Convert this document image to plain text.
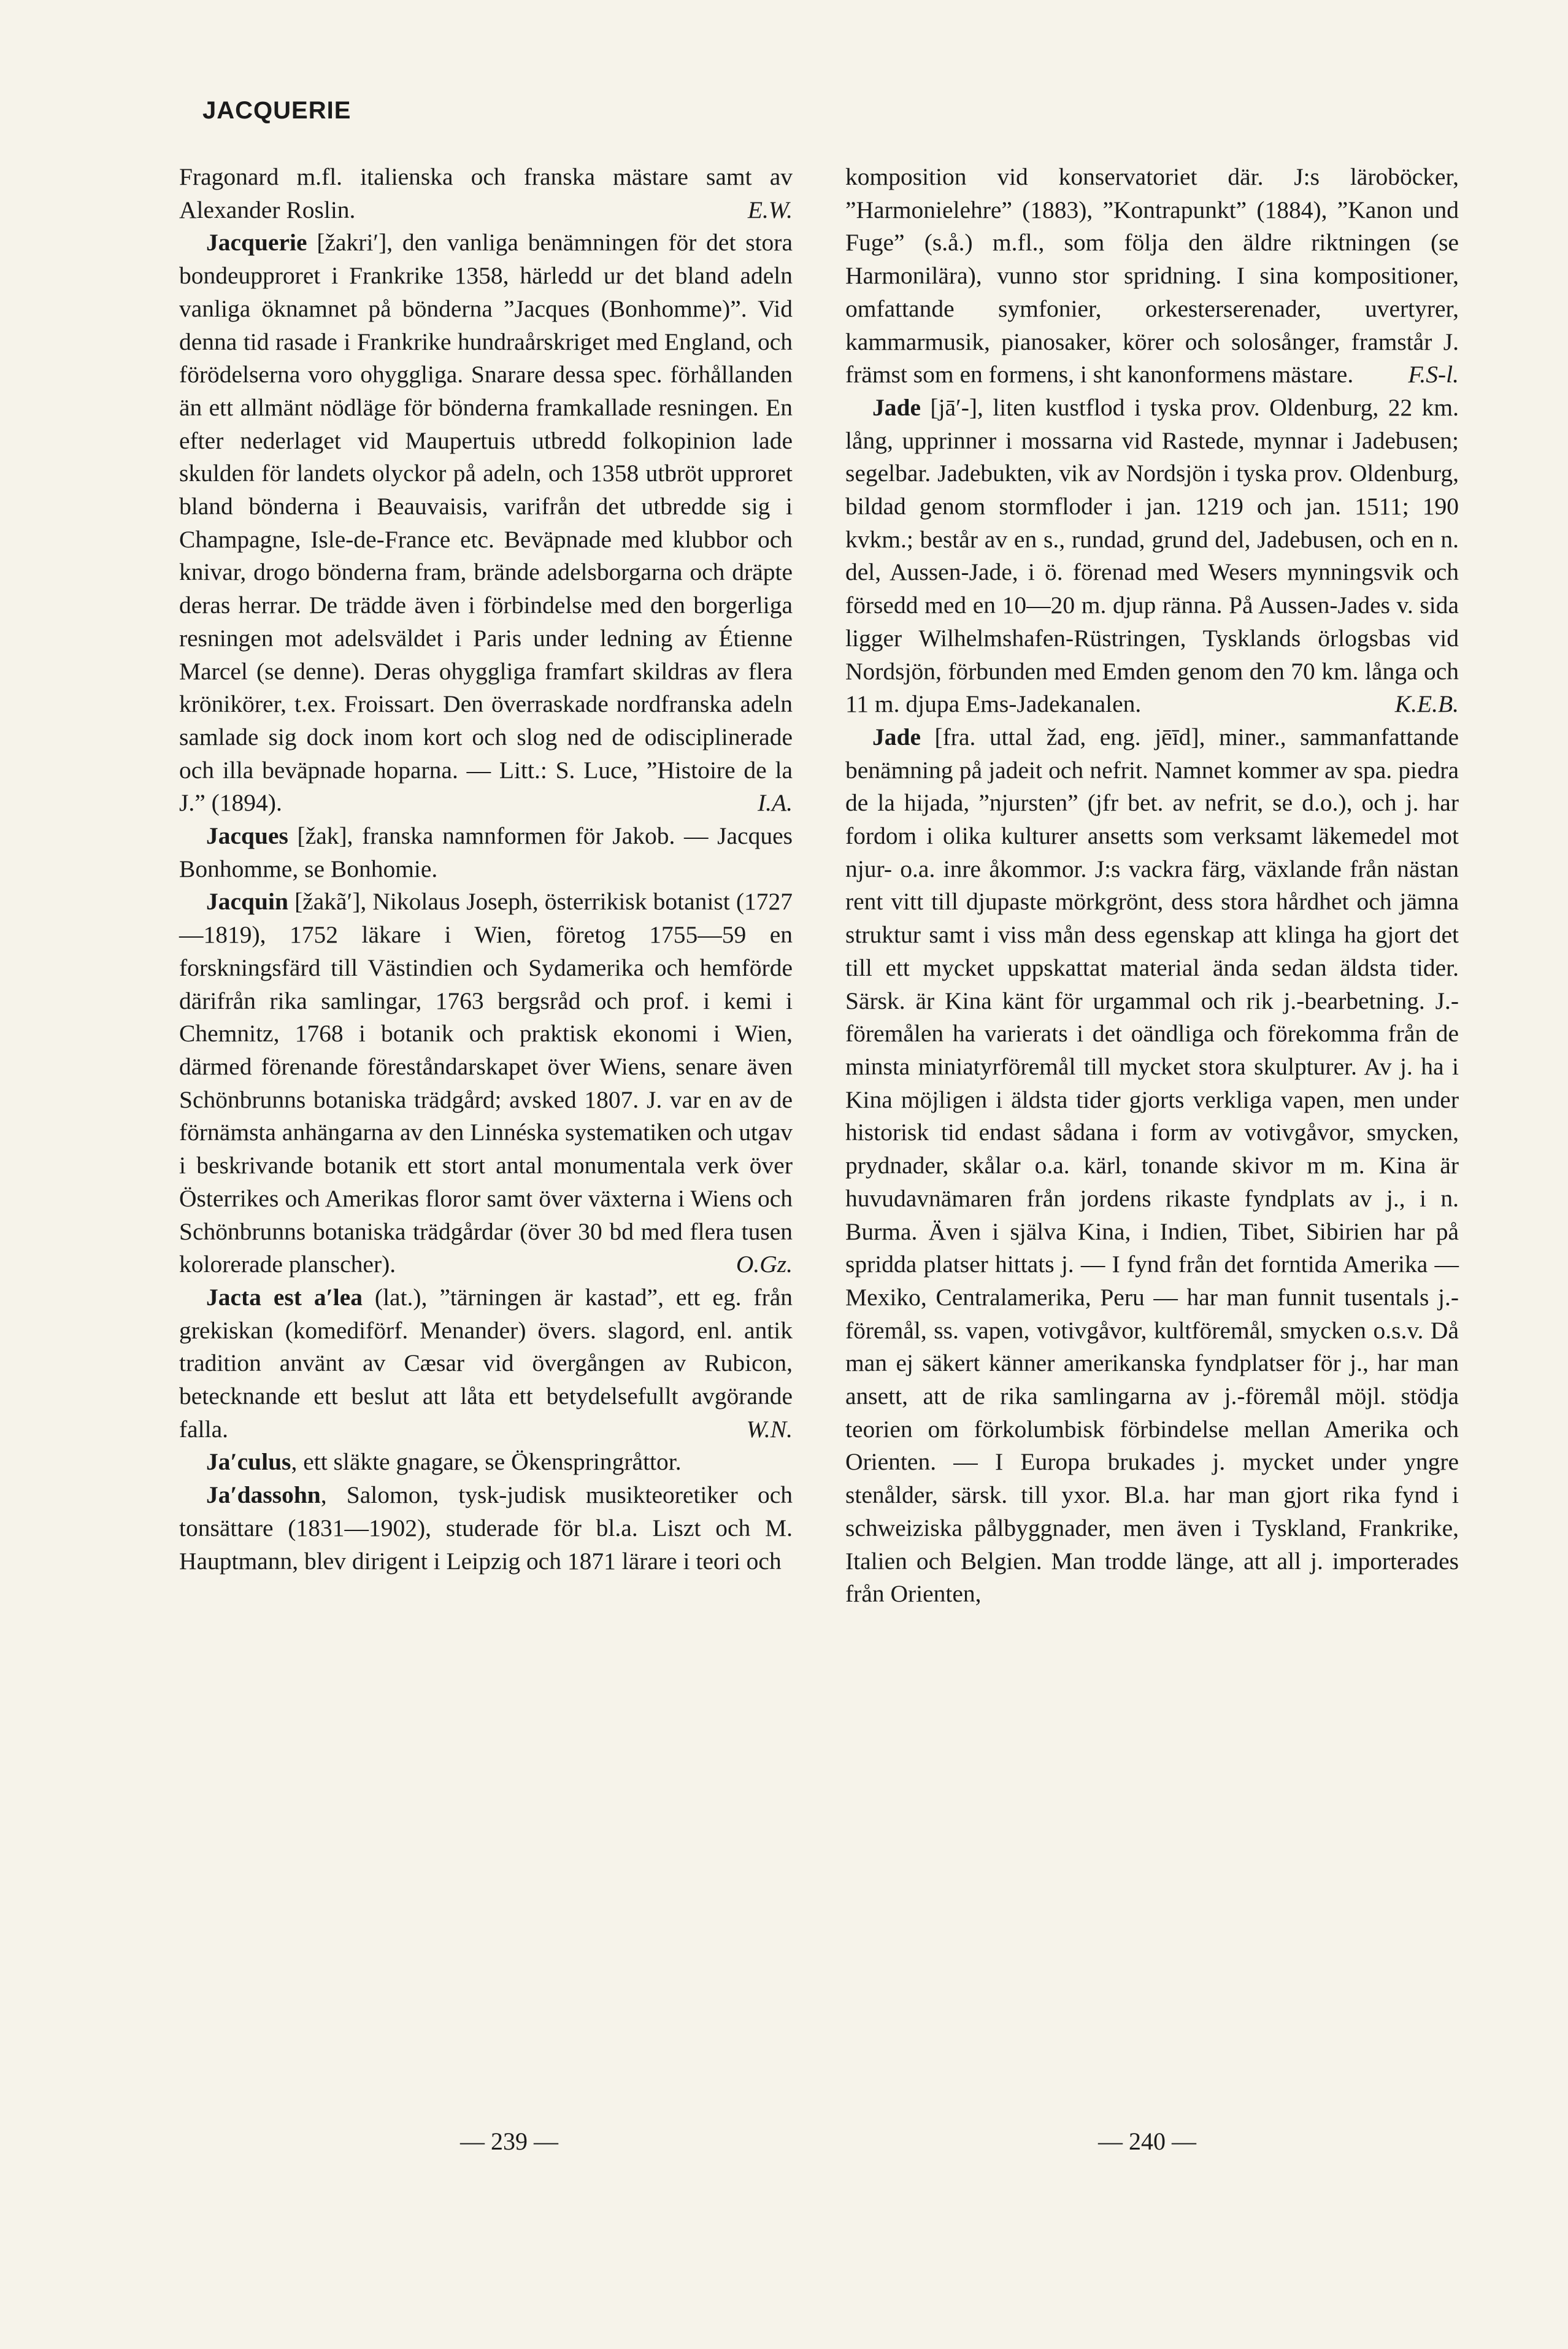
JACQUERIE

Fragonard m.fl. italienska och franska mästare samt av Alexander Roslin.	E.W.

Jacquerie [žakri′], den vanliga benämningen för det stora bondeupproret i Frankrike 1358, härledd ur det bland adeln vanliga öknamnet på bönderna ”Jacques (Bonhomme)”. Vid denna tid rasade i Frankrike hundraårskriget med England, och förödelserna voro ohyggliga. Snarare dessa spec. förhållanden än ett allmänt nödläge för bönderna framkallade resningen. En efter nederlaget vid Maupertuis utbredd folkopinion lade skulden för landets olyckor på adeln, och 1358 utbröt upproret bland bönderna i Beauvaisis, varifrån det utbredde sig i Champagne, Isle-de-France etc. Beväpnade med klubbor och knivar, drogo bönderna fram, brände adelsborgarna och dräpte deras herrar. De trädde även i förbindelse med den borgerliga resningen mot adelsväldet i Paris under ledning av Étienne Marcel (se denne). Deras ohyggliga framfart skildras av flera krönikörer, t.ex. Froissart. Den överraskade nordfranska adeln samlade sig dock inom kort och slog ned de odisciplinerade och illa beväpnade hoparna. — Litt.: S. Luce, ”Histoire de la J.” (1894).	I.A.

Jacques [žak], franska namnformen för Jakob. — Jacques Bonhomme, se Bonhomie.

Jacquin [žakã′], Nikolaus Joseph, österrikisk botanist (1727—1819), 1752 läkare i Wien, företog 1755—59 en forskningsfärd till Västindien och Sydamerika och hemförde därifrån rika samlingar, 1763 bergsråd och prof. i kemi i Chemnitz, 1768 i botanik och praktisk ekonomi i Wien, därmed förenande föreståndarskapet över Wiens, senare även Schönbrunns botaniska trädgård; avsked 1807. J. var en av de förnämsta anhängarna av den Linnéska systematiken och utgav i beskrivande botanik ett stort antal monumentala verk över Österrikes och Amerikas floror samt över växterna i Wiens och Schönbrunns botaniska trädgårdar (över 30 bd med flera tusen kolorerade planscher).	O.Gz.

Jacta est a′lea (lat.), ”tärningen är kastad”, ett eg. från grekiskan (komediförf. Menander) övers. slagord, enl. antik tradition använt av Cæsar vid övergången av Rubicon, betecknande ett beslut att låta ett betydelsefullt avgörande falla.	W.N.

Ja′culus, ett släkte gnagare, se Ökenspringråttor.

Ja′dassohn, Salomon, tysk-judisk musikteoretiker och tonsättare (1831—1902), studerade för bl.a. Liszt och M. Hauptmann, blev dirigent i Leipzig och 1871 lärare i teori och

komposition vid konservatoriet där. J:s läroböcker, ”Harmonielehre” (1883), ”Kontrapunkt” (1884), ”Kanon und Fuge” (s.å.) m.fl., som följa den äldre riktningen (se Harmonilära), vunno stor spridning. I sina kompositioner, omfattande symfonier, orkesterserenader, uvertyrer, kammarmusik, pianosaker, körer och solosånger, framstår J. främst som en formens, i sht kanonformens mästare. F.S-l.

Jade [jā′-], liten kustflod i tyska prov. Oldenburg, 22 km. lång, upprinner i mossarna vid Rastede, mynnar i Jadebusen; segelbar. Jadebukten, vik av Nordsjön i tyska prov. Oldenburg, bildad genom stormfloder i jan. 1219 och jan. 1511; 190 kvkm.; består av en s., rundad, grund del, Jadebusen, och en n. del, Aussen-Jade, i ö. förenad med Wesers mynningsvik och försedd med en 10—20 m. djup ränna. På Aussen-Jades v. sida ligger Wilhelmshafen-Rüstringen, Tysklands örlogsbas vid Nordsjön, förbunden med Emden genom den 70 km. långa och 11 m. djupa Ems-Jadekanalen.	K.E.B.

Jade [fra. uttal žad, eng. jēīd], miner., sammanfattande benämning på jadeit och nefrit. Namnet kommer av spa. piedra de la hijada, ”njursten” (jfr bet. av nefrit, se d.o.), och j. har fordom i olika kulturer ansetts som verksamt läkemedel mot njur- o.a. inre åkommor. J:s vackra färg, växlande från nästan rent vitt till djupaste mörkgrönt, dess stora hårdhet och jämna struktur samt i viss mån dess egenskap att klinga ha gjort det till ett mycket uppskattat material ända sedan äldsta tider. Särsk. är Kina känt för urgammal och rik j.-bearbetning. J.-föremålen ha varierats i det oändliga och förekomma från de minsta miniatyrföremål till mycket stora skulpturer. Av j. ha i Kina möjligen i äldsta tider gjorts verkliga vapen, men under historisk tid endast sådana i form av votivgåvor, smycken, prydnader, skålar o.a. kärl, tonande skivor m m. Kina är huvudavnämaren från jordens rikaste fyndplats av j., i n. Burma. Även i själva Kina, i Indien, Tibet, Sibirien har på spridda platser hittats j. — I fynd från det forntida Amerika — Mexiko, Centralamerika, Peru — har man funnit tusentals j.-föremål, ss. vapen, votivgåvor, kultföremål, smycken o.s.v. Då man ej säkert känner amerikanska fyndplatser för j., har man ansett, att de rika samlingarna av j.-föremål möjl. stödja teorien om förkolumbisk förbindelse mellan Amerika och Orienten. — I Europa brukades j. mycket under yngre stenålder, särsk. till yxor. Bl.a. har man gjort rika fynd i schweiziska pålbyggnader, men även i Tyskland, Frankrike, Italien och Belgien. Man trodde länge, att all j. importerades från Orienten,

— 239 —	— 240 —
